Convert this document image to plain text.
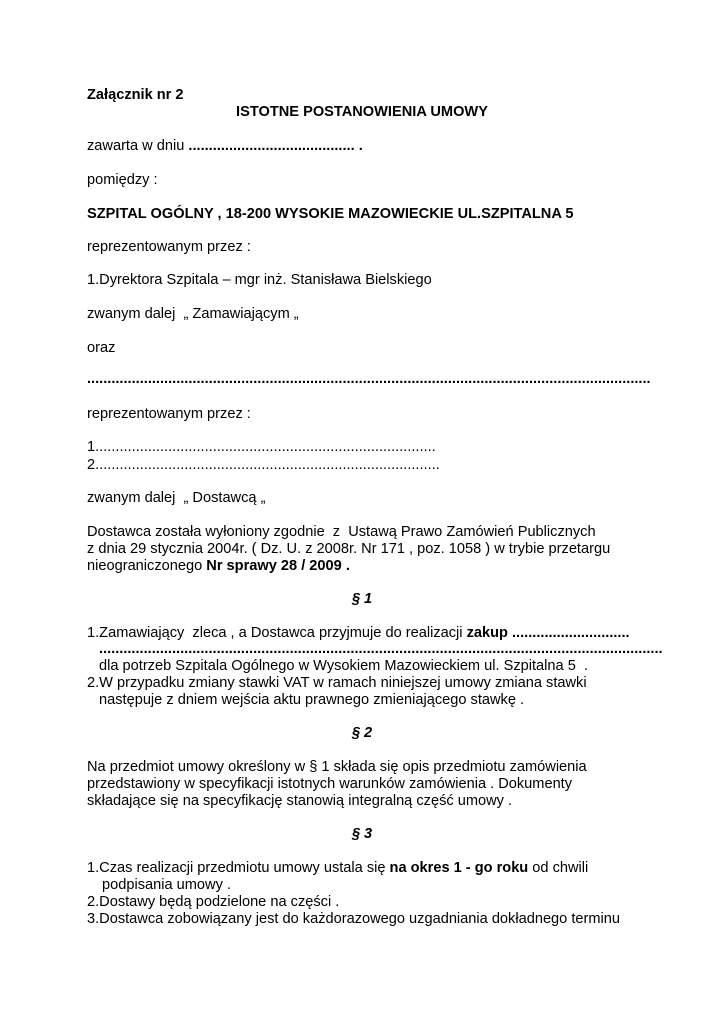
Załącznik nr 2
ISTOTNE POSTANOWIENIA UMOWY
zawarta w dniu ......................................... .
pomiędzy :
SZPITAL OGÓLNY , 18-200 WYSOKIE MAZOWIECKIE UL.SZPITALNA 5
reprezentowanym przez :
1.Dyrektora Szpitala – mgr inż. Stanisława Bielskiego
zwanym dalej  „ Zamawiającym „
oraz
...........................................................................................................................................
reprezentowanym przez :
1....................................................................................
2.....................................................................................
zwanym dalej  „ Dostawcą „
Dostawca została wyłoniony zgodnie  z  Ustawą Prawo Zamówień Publicznych
z dnia 29 stycznia 2004r. ( Dz. U. z 2008r. Nr 171 , poz. 1058 ) w trybie przetargu
nieograniczonego Nr sprawy 28 / 2009 .
§ 1
1.Zamawiający  zleca , a Dostawca przyjmuje do realizacji zakup .............................
...........................................................................................................................................
dla potrzeb Szpitala Ogólnego w Wysokiem Mazowieckiem ul. Szpitalna 5  .
2.W przypadku zmiany stawki VAT w ramach niniejszej umowy zmiana stawki
następuje z dniem wejścia aktu prawnego zmieniającego stawkę .
§ 2
Na przedmiot umowy określony w § 1 składa się opis przedmiotu zamówienia
przedstawiony w specyfikacji istotnych warunków zamówienia . Dokumenty
składające się na specyfikację stanowią integralną część umowy .
§ 3
1.Czas realizacji przedmiotu umowy ustala się na okres 1 - go roku od chwili
podpisania umowy .
2.Dostawy będą podzielone na części .
3.Dostawca zobowiązany jest do każdorazowego uzgadniania dokładnego terminu
